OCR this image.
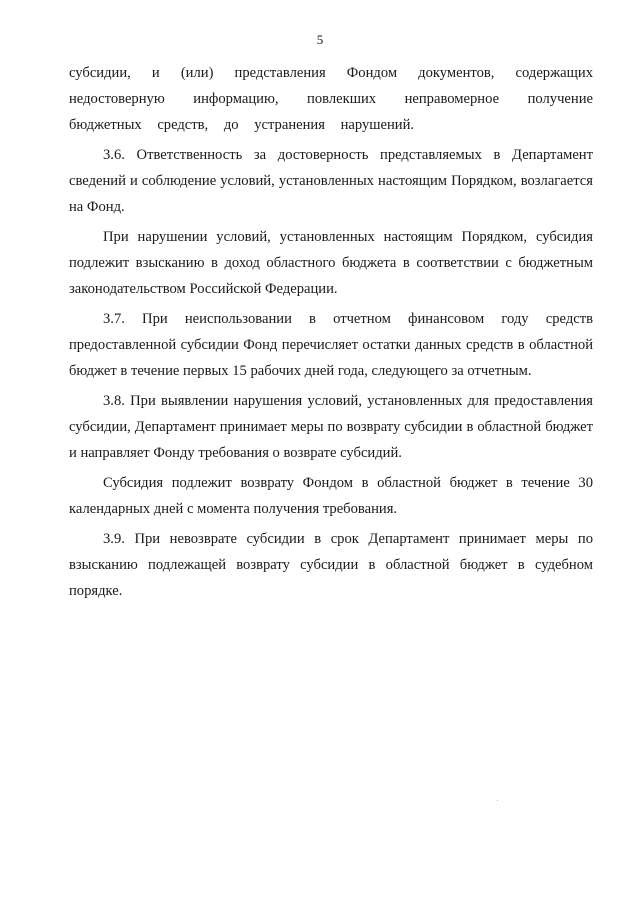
5

субсидии, и (или) представления Фондом документов, содержащих недостоверную информацию, повлекших неправомерное получение бюджетных средств, до устранения нарушений.

3.6. Ответственность за достоверность представляемых в Департамент сведений и соблюдение условий, установленных настоящим Порядком, возлагается на Фонд.

При нарушении условий, установленных настоящим Порядком, субсидия подлежит взысканию в доход областного бюджета в соответствии с бюджетным законодательством Российской Федерации.

3.7. При неиспользовании в отчетном финансовом году средств предоставленной субсидии Фонд перечисляет остатки данных средств в областной бюджет в течение первых 15 рабочих дней года, следующего за отчетным.

3.8. При выявлении нарушения условий, установленных для предоставления субсидии, Департамент принимает меры по возврату субсидии в областной бюджет и направляет Фонду требования о возврате субсидий.

Субсидия подлежит возврату Фондом в областной бюджет в течение 30 календарных дней с момента получения требования.

3.9. При невозврате субсидии в срок Департамент принимает меры по взысканию подлежащей возврату субсидии в областной бюджет в судебном порядке.
